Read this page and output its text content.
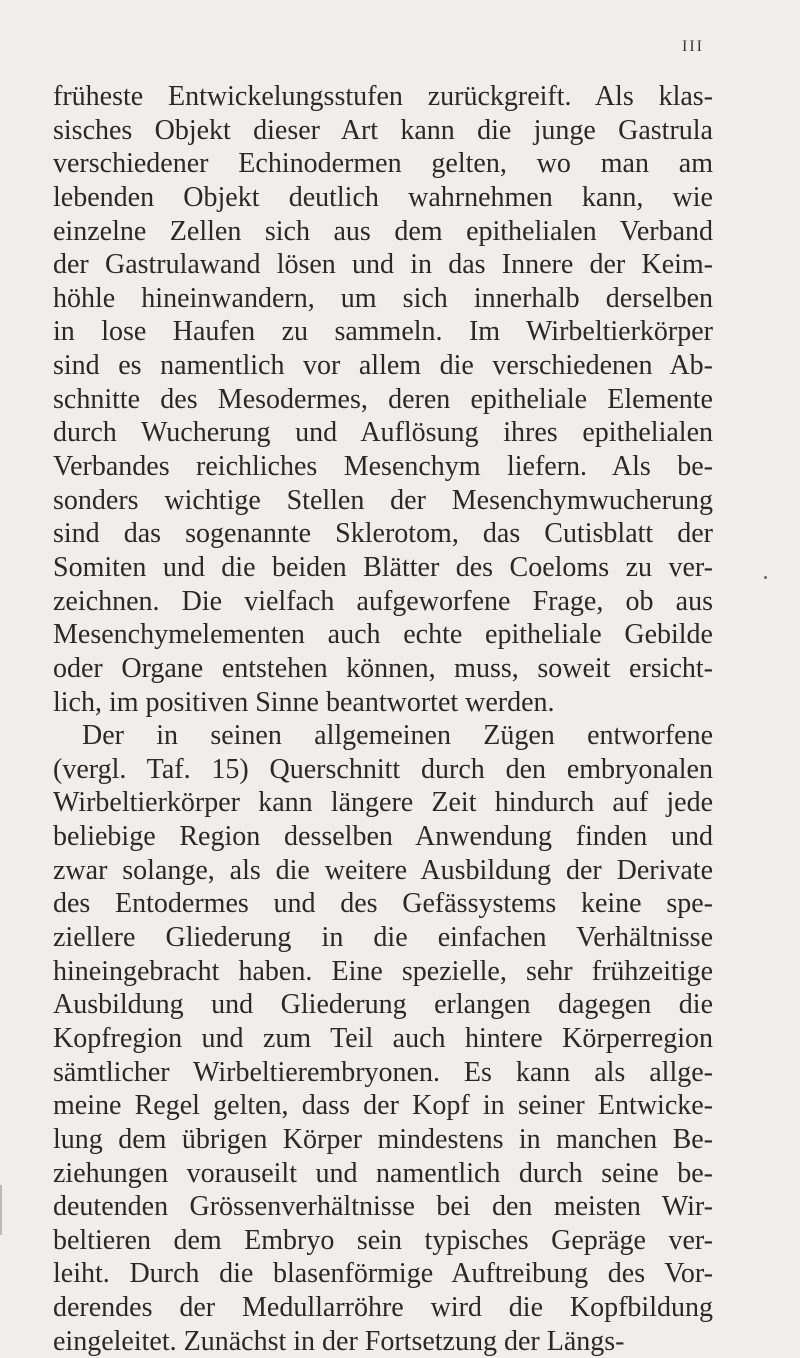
III
früheste Entwickelungsstufen zurückgreift. Als klas-
sisches Objekt dieser Art kann die junge Gastrula
verschiedener Echinodermen gelten, wo man am
lebenden Objekt deutlich wahrnehmen kann, wie
einzelne Zellen sich aus dem epithelialen Verband
der Gastrulawand lösen und in das Innere der Keim-
höhle hineinwandern, um sich innerhalb derselben
in lose Haufen zu sammeln. Im Wirbeltierkörper
sind es namentlich vor allem die verschiedenen Ab-
schnitte des Mesodermes, deren epitheliale Elemente
durch Wucherung und Auflösung ihres epithelialen
Verbandes reichliches Mesenchym liefern. Als be-
sonders wichtige Stellen der Mesenchymwucherung
sind das sogenannte Sklerotom, das Cutisblatt der
Somiten und die beiden Blätter des Coeloms zu ver-
zeichnen. Die vielfach aufgeworfene Frage, ob aus
Mesenchymelementen auch echte epitheliale Gebilde
oder Organe entstehen können, muss, soweit ersicht-
lich, im positiven Sinne beantwortet werden.
Der in seinen allgemeinen Zügen entworfene
(vergl. Taf. 15) Querschnitt durch den embryonalen
Wirbeltierkörper kann längere Zeit hindurch auf jede
beliebige Region desselben Anwendung finden und
zwar solange, als die weitere Ausbildung der Derivate
des Entodermes und des Gefässystems keine spe-
ziellere Gliederung in die einfachen Verhältnisse
hineingebracht haben. Eine spezielle, sehr frühzeitige
Ausbildung und Gliederung erlangen dagegen die
Kopfregion und zum Teil auch hintere Körperregion
sämtlicher Wirbeltierembryonen. Es kann als allge-
meine Regel gelten, dass der Kopf in seiner Entwicke-
lung dem übrigen Körper mindestens in manchen Be-
ziehungen vorauseilt und namentlich durch seine be-
deutenden Grössenverhältnisse bei den meisten Wir-
beltieren dem Embryo sein typisches Gepräge ver-
leiht. Durch die blasenförmige Auftreibung des Vor-
derendes der Medullarröhre wird die Kopfbildung
eingeleitet. Zunächst in der Fortsetzung der Längs-
